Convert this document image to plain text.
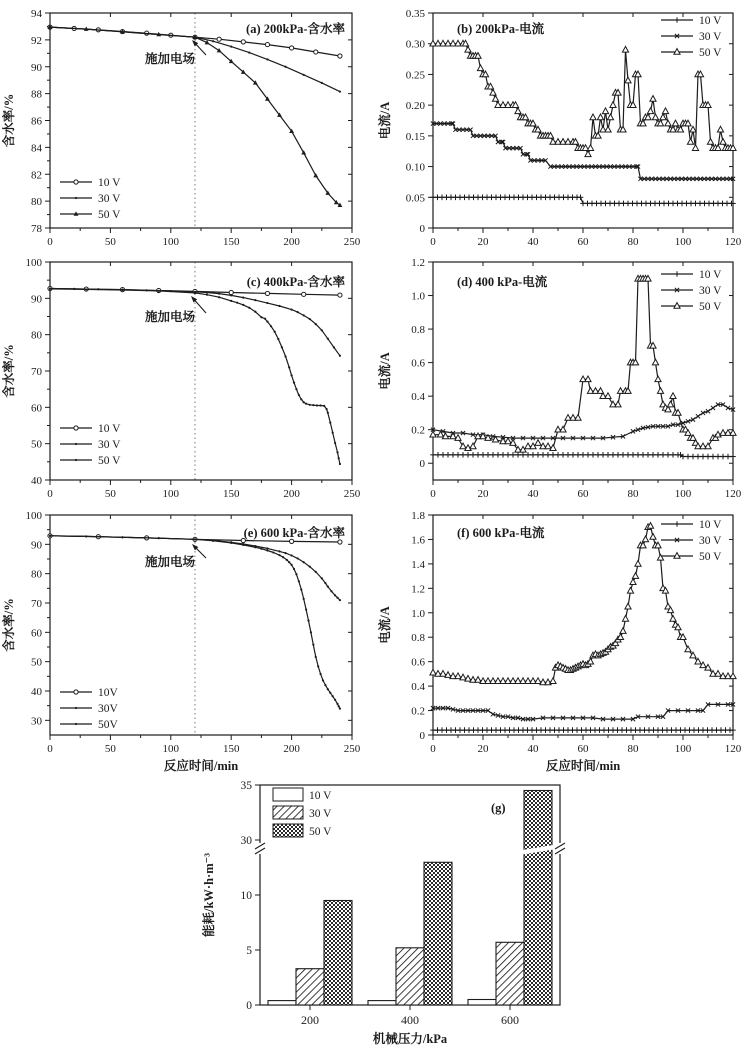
0	50	100	150	200	250
78
80
82
84
86
88
90
92
94
10 V
30 V
50 V
(a) 200kPa-含水率
含水率/%
施加电场
0	20	40	60	80	100	120
0
0.05
0.10
0.15
0.20
0.25
0.30
0.35
10 V
30 V
50 V
(b) 200kPa-电流
电流/A
0	50	100	150	200	250
40
50
60
70
80
90
100
10 V
30 V
50 V
(c) 400kPa-含水率
含水率/%
施加电场
0	20	40	60	80	100	120
0
0.2
0.4
0.6
0.8
1.0
1.2
10 V
30 V
50 V
(d) 400 kPa-电流
电流/A
0	50	100	150	200	250
30
40
50
60
70
80
90
100
10V
30V
50V
(e) 600 kPa-含水率
含水率/%
反应时间/min
施加电场
0	20	40	60	80	100	120
0
0.2
0.4
0.6
0.8
1.0
1.2
1.4
1.6
1.8
10 V
30 V
50 V
(f) 600 kPa-电流
电流/A
反应时间/min
0
5
10
30
35
200	400	600
10 V
30 V
50 V
(g)
能耗/kW·h·m⁻³
机械压力/kPa
